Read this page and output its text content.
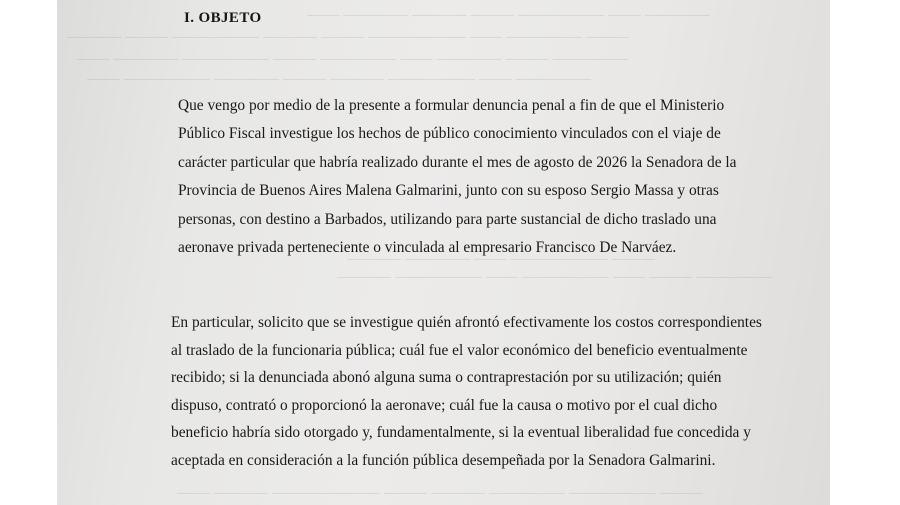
────── ─── ──────── ──── ───── ────── ───
──── ─────── ─── ───────── ──── ───── ──────── ──── ─────
─────── ──── ────── ─── ─────── ──── ──────── ────── ───
─────── ─── ──────── ───── ──── ────── ──────── ───
──── ───────── ─── ────── ─────
─────── ──── ─── ──────── ─── ──────── ─────
──── ──────── ─────── ───── ──── ────────── ───── ───
I. OBJETO

Que vengo por medio de la presente a formular denuncia penal a fin de que el Ministerio
Público Fiscal investigue los hechos de público conocimiento vinculados con el viaje de
carácter particular que habría realizado durante el mes de agosto de 2026 la Senadora de la
Provincia de Buenos Aires Malena Galmarini, junto con su esposo Sergio Massa y otras
personas, con destino a Barbados, utilizando para parte sustancial de dicho traslado una
aeronave privada perteneciente o vinculada al empresario Francisco De Narváez.

En particular, solicito que se investigue quién afrontó efectivamente los costos correspondientes
al traslado de la funcionaria pública; cuál fue el valor económico del beneficio eventualmente
recibido; si la denunciada abonó alguna suma o contraprestación por su utilización; quién
dispuso, contrató o proporcionó la aeronave; cuál fue la causa o motivo por el cual dicho
beneficio habría sido otorgado y, fundamentalmente, si la eventual liberalidad fue concedida y
aceptada en consideración a la función pública desempeñada por la Senadora Galmarini.
